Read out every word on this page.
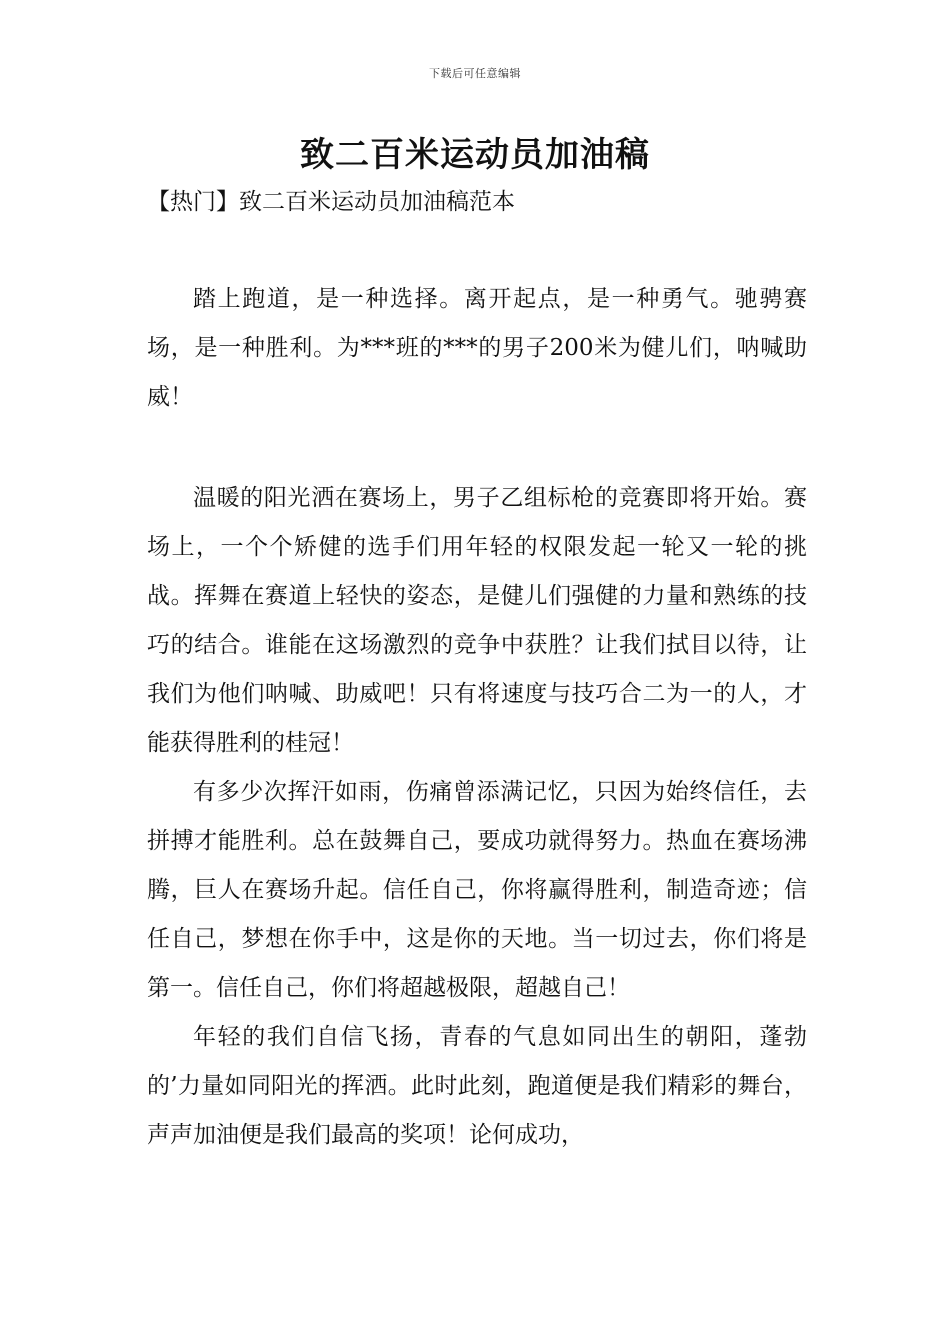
下载后可任意编辑
致二百米运动员加油稿
【热门】致二百米运动员加油稿范本

踏上跑道，是一种选择。离开起点，是一种勇气。驰骋赛场，是一种胜利。为***班的***的男子200米为健儿们，呐喊助威！

温暖的阳光洒在赛场上，男子乙组标枪的竞赛即将开始。赛场上，一个个矫健的选手们用年轻的权限发起一轮又一轮的挑战。挥舞在赛道上轻快的姿态，是健儿们强健的力量和熟练的技巧的结合。谁能在这场激烈的竞争中获胜？让我们拭目以待，让我们为他们呐喊、助威吧！只有将速度与技巧合二为一的人，才能获得胜利的桂冠！

有多少次挥汗如雨，伤痛曾添满记忆，只因为始终信任，去拼搏才能胜利。总在鼓舞自己，要成功就得努力。热血在赛场沸腾，巨人在赛场升起。信任自己，你将赢得胜利，制造奇迹；信任自己，梦想在你手中，这是你的天地。当一切过去，你们将是第一。信任自己，你们将超越极限，超越自己！

年轻的我们自信飞扬，青春的气息如同出生的朝阳，蓬勃的’力量如同阳光的挥洒。此时此刻，跑道便是我们精彩的舞台，声声加油便是我们最高的奖项！论何成功，
